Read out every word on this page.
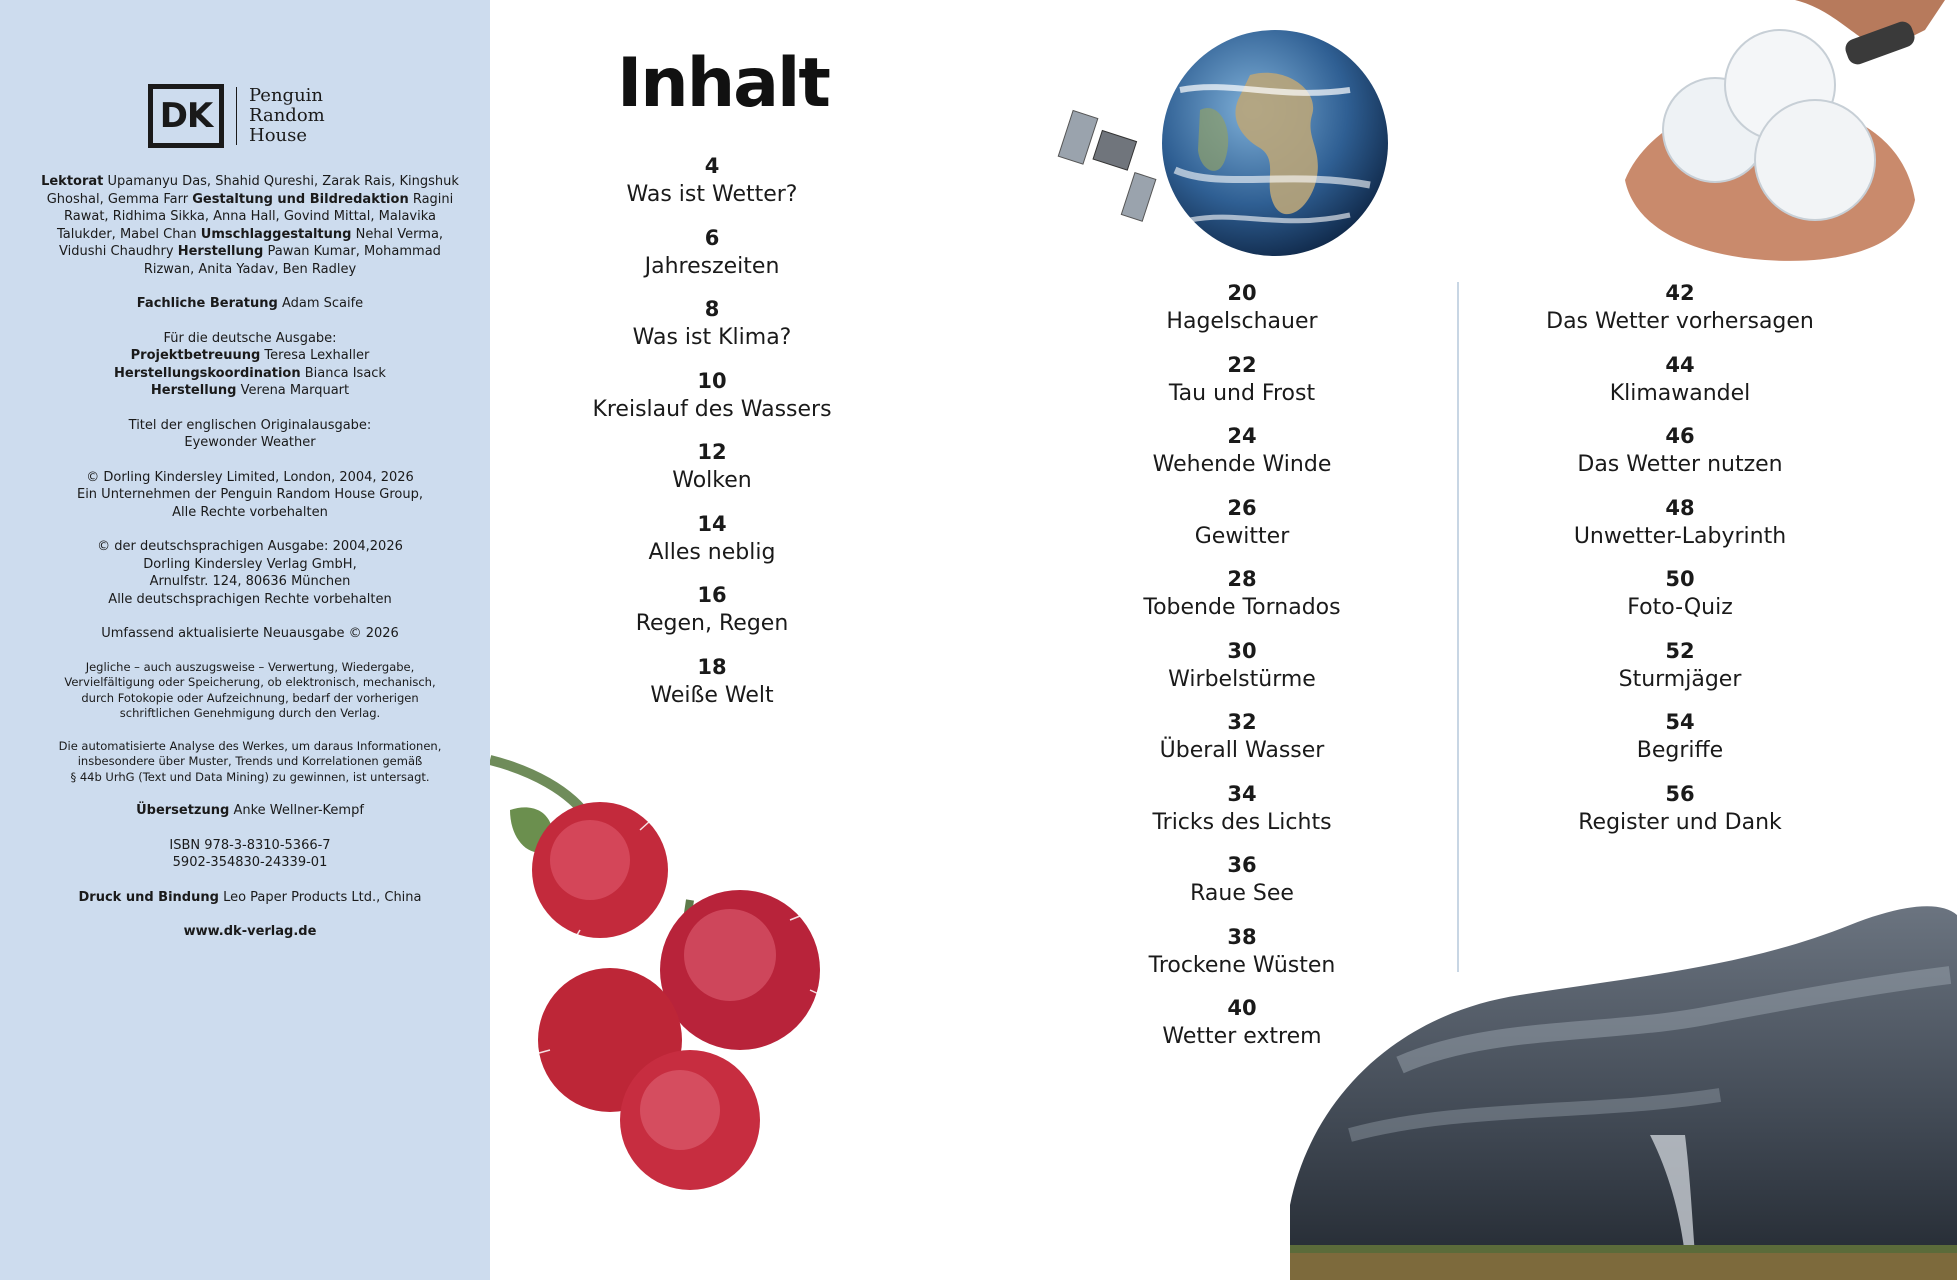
DK
Penguin
Random
House

Lektorat Upamanyu Das, Shahid Qureshi, Zarak Rais, Kingshuk Ghoshal, Gemma Farr Gestaltung und Bildredaktion Ragini Rawat, Ridhima Sikka, Anna Hall, Govind Mittal, Malavika Talukder, Mabel Chan Umschlaggestaltung Nehal Verma, Vidushi Chaudhry Herstellung Pawan Kumar, Mohammad Rizwan, Anita Yadav, Ben Radley

Fachliche Beratung Adam Scaife

Für die deutsche Ausgabe:
Projektbetreuung Teresa Lexhaller
Herstellungskoordination Bianca Isack
Herstellung Verena Marquart

Titel der englischen Originalausgabe:
Eyewonder Weather

© Dorling Kindersley Limited, London, 2004, 2026
Ein Unternehmen der Penguin Random House Group,
Alle Rechte vorbehalten

© der deutschsprachigen Ausgabe: 2004,2026
Dorling Kindersley Verlag GmbH,
Arnulfstr. 124, 80636 München
Alle deutschsprachigen Rechte vorbehalten

Umfassend aktualisierte Neuausgabe © 2026

Jegliche – auch auszugsweise – Verwertung, Wiedergabe,
Vervielfältigung oder Speicherung, ob elektronisch, mechanisch,
durch Fotokopie oder Aufzeichnung, bedarf der vorherigen
schriftlichen Genehmigung durch den Verlag.

Die automatisierte Analyse des Werkes, um daraus Informationen,
insbesondere über Muster, Trends und Korrelationen gemäß
§ 44b UrhG (Text und Data Mining) zu gewinnen, ist untersagt.

Übersetzung Anke Wellner-Kempf

ISBN 978-3-8310-5366-7
5902-354830-24339-01

Druck und Bindung Leo Paper Products Ltd., China

www.dk-verlag.de

Inhalt
4
Was ist Wetter?
6
Jahreszeiten
8
Was ist Klima?
10
Kreislauf des Wassers
12
Wolken
14
Alles neblig
16
Regen, Regen
18
Weiße Welt
20
Hagelschauer
22
Tau und Frost
24
Wehende Winde
26
Gewitter
28
Tobende Tornados
30
Wirbelstürme
32
Überall Wasser
34
Tricks des Lichts
36
Raue See
38
Trockene Wüsten
40
Wetter extrem
42
Das Wetter vorhersagen
44
Klimawandel
46
Das Wetter nutzen
48
Unwetter-Labyrinth
50
Foto-Quiz
52
Sturmjäger
54
Begriffe
56
Register und Dank
